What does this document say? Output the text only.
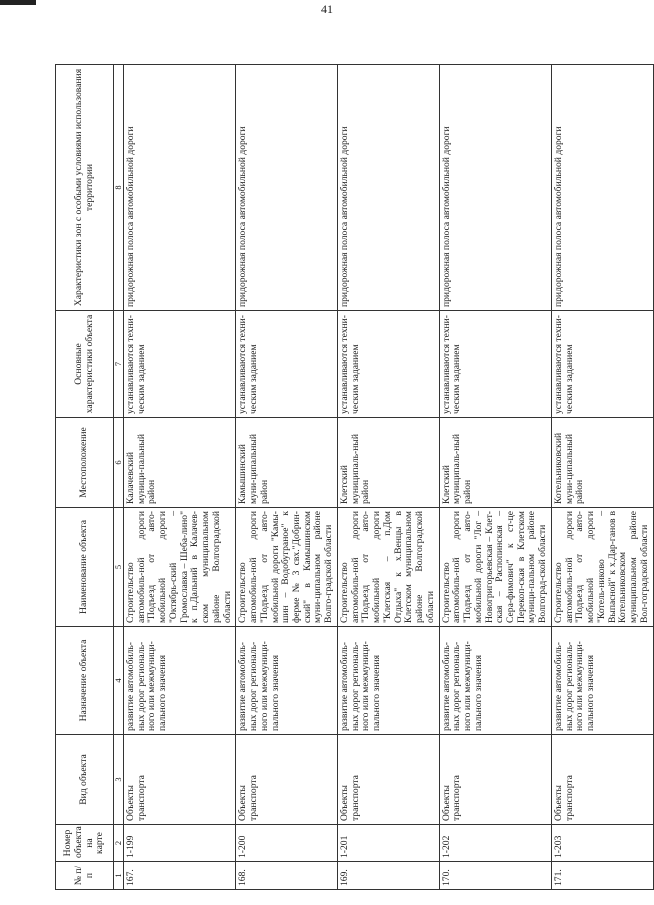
41
№ п/п	Номер объекта на карте	Вид объекта	Назначение объекта	Наименование объекта	Местоположение	Основные характеристики объекта	Характеристики зон с особыми условиями использования территории
1	2	3	4	5	6	7	8
167.	1-199	Объекты транспорта	развитие автомобиль-ных дорог региональ-ного или межмуници-пального значения	Строительство автомобиль-ной дороги "Подъезд от авто-мобильной дороги "Октябрь-ский – Громославка – Шеба-лино" к п.Дальний в Калачев-ском муниципальном районе Волгоградской области	Калачевский муници-пальный район	устанавливаются техни-ческим заданием	придорожная полоса автомобильной дороги
168.	1-200	Объекты транспорта	развитие автомобиль-ных дорог региональ-ного или межмуници-пального значения	Строительство автомобиль-ной дороги "Подъезд от авто-мобильной дороги "Камы-шин – Водобуграное" к ферме № 3 свх."Добрин-ский" в Камышинском муни-ципальном районе Волго-градской области	Камышинский муни-ципальный район	устанавливаются техни-ческим заданием	придорожная полоса автомобильной дороги
169.	1-201	Объекты транспорта	развитие автомобиль-ных дорог региональ-ного или межмуници-пального значения	Строительство автомобиль-ной дороги "Подъезд от авто-мобильной дороги "Клетская – п.Дом Отдыха" к х.Венцы в Клетском муниципальном районе Волгоградской области	Клетский муниципаль-ный район	устанавливаются техни-ческим заданием	придорожная полоса автомобильной дороги
170.	1-202	Объекты транспорта	развитие автомобиль-ных дорог региональ-ного или межмуници-пального значения	Строительство автомобиль-ной дороги "Подъезд от авто-мобильной дороги "Лог – Новогригорьевская – Клет-ская – Распопинская – Сера-фимович" к ст-це Перекоп-ская в Клетском муници-пальном районе Волгоград-ской области	Клетский муниципаль-ный район	устанавливаются техни-ческим заданием	придорожная полоса автомобильной дороги
171.	1-203	Объекты транспорта	развитие автомобиль-ных дорог региональ-ного или межмуници-пального значения	Строительство автомобиль-ной дороги "Подъезд от авто-мобильной дороги "Котель-никово – Выпасной" к х.Дар-ганов в Котельниковском муниципальном районе Вол-гоградской области	Котельниковский муни-ципальный район	устанавливаются техни-ческим заданием	придорожная полоса автомобильной дороги
